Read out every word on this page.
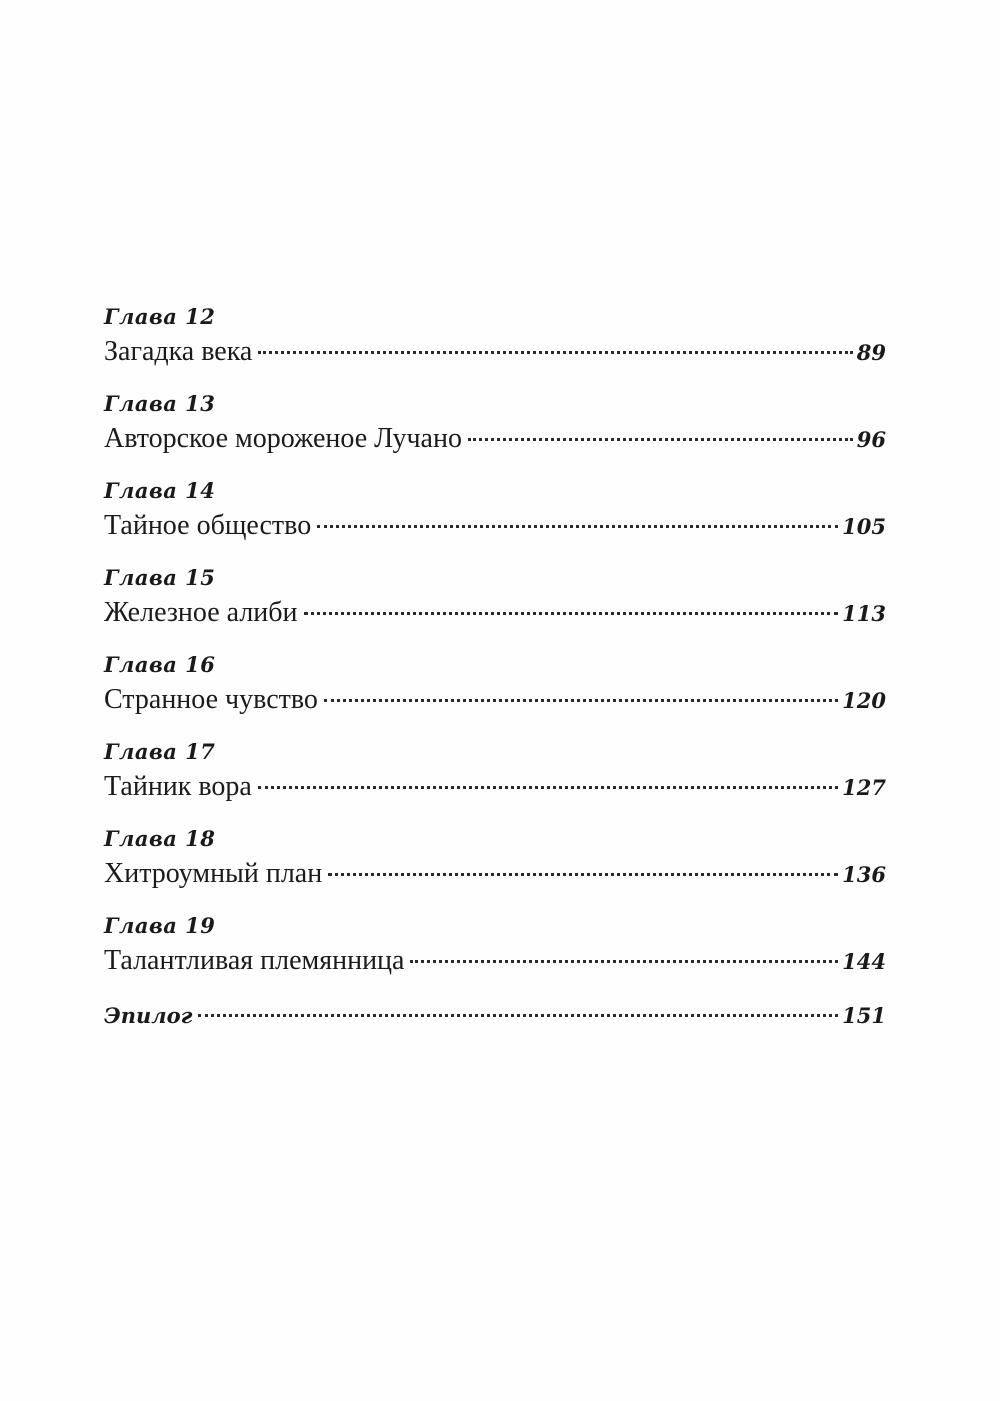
Глава 12
Загадка века	89
Глава 13
Авторское мороженое Лучано	96
Глава 14
Тайное общество	105
Глава 15
Железное алиби	113
Глава 16
Странное чувство	120
Глава 17
Тайник вора	127
Глава 18
Хитроумный план	136
Глава 19
Талантливая племянница	144
Эпилог	151
